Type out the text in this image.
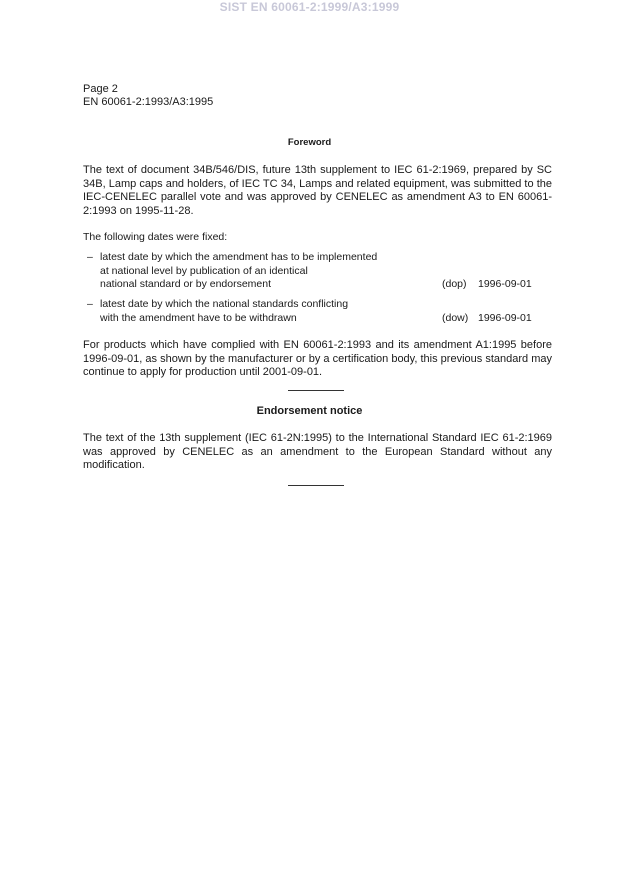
SIST EN 60061-2:1999/A3:1999
Page 2
EN 60061-2:1993/A3:1995
Foreword
The text of document 34B/546/DIS, future 13th supplement to IEC 61-2:1969, prepared by SC 34B, Lamp caps and holders, of IEC TC 34, Lamps and related equipment, was submitted to the IEC-CENELEC parallel vote and was approved by CENELEC as amendment A3 to EN 60061-2:1993 on 1995-11-28.
The following dates were fixed:
– latest date by which the amendment has to be implemented
at national level by publication of an identical
national standard or by endorsement	(dop) 1996-09-01
– latest date by which the national standards conflicting
with the amendment have to be withdrawn	(dow) 1996-09-01
For products which have complied with EN 60061-2:1993 and its amendment A1:1995 before 1996-09-01, as shown by the manufacturer or by a certification body, this previous standard may continue to apply for production until 2001-09-01.
Endorsement notice
The text of the 13th supplement (IEC 61-2N:1995) to the International Standard IEC 61-2:1969 was approved by CENELEC as an amendment to the European Standard without any modification.
